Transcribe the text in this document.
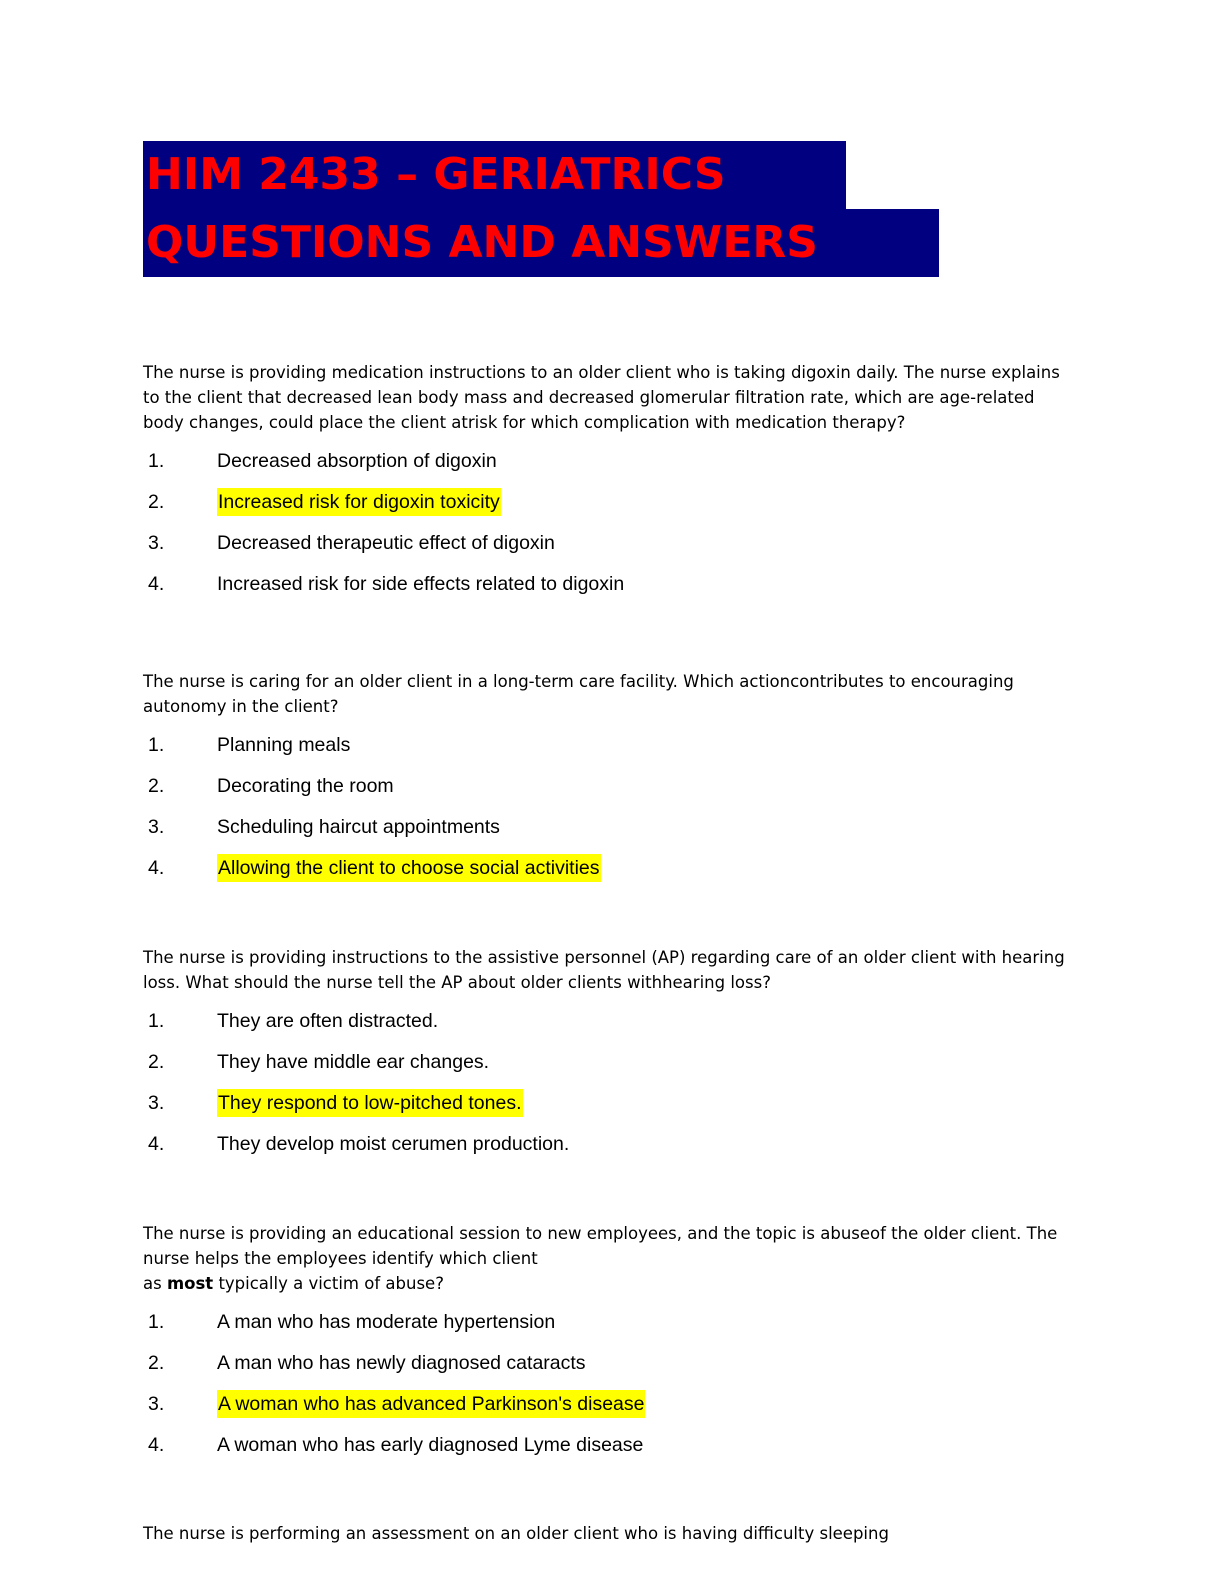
HIM 2433 – GERIATRICS
QUESTIONS AND ANSWERS

The nurse is providing medication instructions to an older client who is taking digoxin daily. The nurse explains to the client that decreased lean body mass and decreased glomerular filtration rate, which are age-related body changes, could place the client atrisk for which complication with medication therapy?

1.	Decreased absorption of digoxin
2.	Increased risk for digoxin toxicity
3.	Decreased therapeutic effect of digoxin
4.	Increased risk for side effects related to digoxin

The nurse is caring for an older client in a long-term care facility. Which actioncontributes to encouraging autonomy in the client?

1.	Planning meals
2.	Decorating the room
3.	Scheduling haircut appointments
4.	Allowing the client to choose social activities

The nurse is providing instructions to the assistive personnel (AP) regarding care of an older client with hearing loss. What should the nurse tell the AP about older clients withhearing loss?

1.	They are often distracted.
2.	They have middle ear changes.
3.	They respond to low-pitched tones.
4.	They develop moist cerumen production.

The nurse is providing an educational session to new employees, and the topic is abuseof the older client. The nurse helps the employees identify which client
as most typically a victim of abuse?

1.	A man who has moderate hypertension
2.	A man who has newly diagnosed cataracts
3.	A woman who has advanced Parkinson's disease
4.	A woman who has early diagnosed Lyme disease

The nurse is performing an assessment on an older client who is having difficulty sleeping
